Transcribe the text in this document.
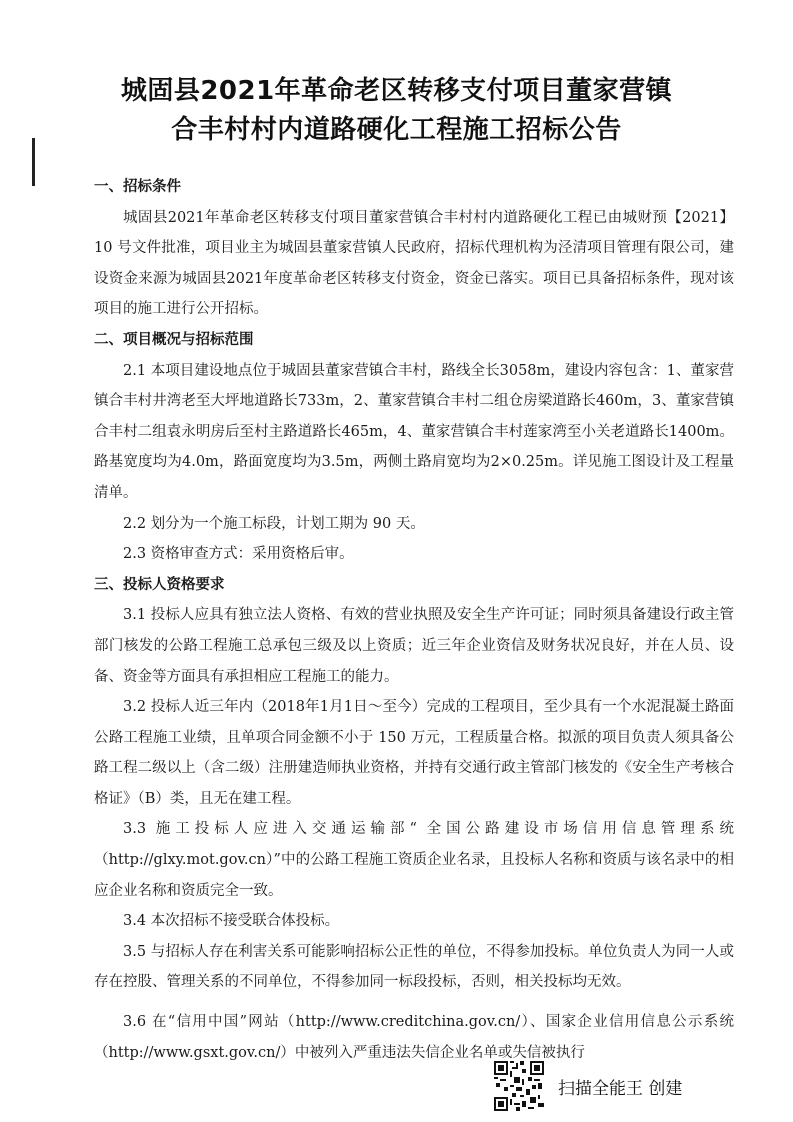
城固县2021年革命老区转移支付项目董家营镇
合丰村村内道路硬化工程施工招标公告

一、招标条件

城固县2021年革命老区转移支付项目董家营镇合丰村村内道路硬化工程已由城财预【2021】10 号文件批准，项目业主为城固县董家营镇人民政府，招标代理机构为泾清项目管理有限公司，建设资金来源为城固县2021年度革命老区转移支付资金，资金已落实。项目已具备招标条件，现对该项目的施工进行公开招标。

二、项目概况与招标范围

2.1 本项目建设地点位于城固县董家营镇合丰村，路线全长3058m，建设内容包含：1、董家营镇合丰村井湾老至大坪地道路长733m，2、董家营镇合丰村二组仓房梁道路长460m，3、董家营镇合丰村二组袁永明房后至村主路道路长465m，4、董家营镇合丰村莲家湾至小关老道路长1400m。路基宽度均为4.0m，路面宽度均为3.5m，两侧土路肩宽均为2×0.25m。详见施工图设计及工程量清单。

2.2 划分为一个施工标段，计划工期为 90 天。

2.3 资格审查方式：采用资格后审。

三、投标人资格要求

3.1 投标人应具有独立法人资格、有效的营业执照及安全生产许可证；同时须具备建设行政主管部门核发的公路工程施工总承包三级及以上资质；近三年企业资信及财务状况良好，并在人员、设备、资金等方面具有承担相应工程施工的能力。

3.2 投标人近三年内（2018年1月1日～至今）完成的工程项目，至少具有一个水泥混凝土路面公路工程施工业绩，且单项合同金额不小于 150 万元，工程质量合格。拟派的项目负责人须具备公路工程二级以上（含二级）注册建造师执业资格，并持有交通行政主管部门核发的《安全生产考核合格证》（B）类，且无在建工程。

3.3 施工投标人应进入交通运输部“ 全国公路建设市场信用信息管理系统（http://glxy.mot.gov.cn）”中的公路工程施工资质企业名录，且投标人名称和资质与该名录中的相应企业名称和资质完全一致。

3.4 本次招标不接受联合体投标。

3.5 与招标人存在利害关系可能影响招标公正性的单位，不得参加投标。单位负责人为同一人或存在控股、管理关系的不同单位，不得参加同一标段投标，否则，相关投标均无效。

3.6 在“信用中国”网站（http://www.creditchina.gov.cn/）、国家企业信用信息公示系统（http://www.gsxt.gov.cn/）中被列入严重违法失信企业名单或失信被执行

扫描全能王 创建
